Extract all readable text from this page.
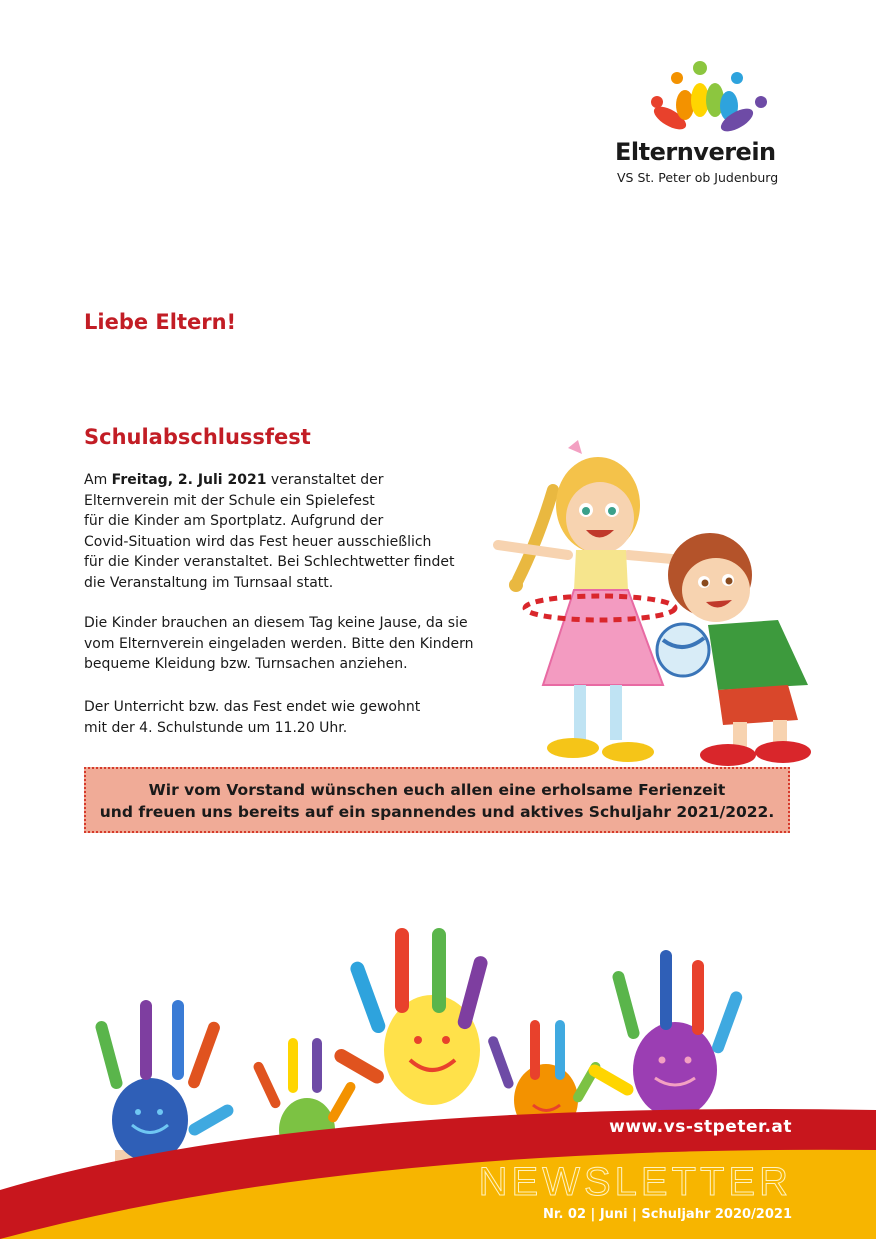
Elternverein
VS St. Peter ob Judenburg
Liebe Eltern!
Schulabschlussfest
Am Freitag, 2. Juli 2021 veranstaltet der
Elternverein mit der Schule ein Spielefest
für die Kinder am Sportplatz. Aufgrund der
Covid-Situation wird das Fest heuer ausschießlich
für die Kinder veranstaltet. Bei Schlechtwetter findet
die Veranstaltung im Turnsaal statt.
Die Kinder brauchen an diesem Tag keine Jause, da sie
vom Elternverein eingeladen werden. Bitte den Kindern
bequeme Kleidung bzw. Turnsachen anziehen.
Der Unterricht bzw. das Fest endet wie gewohnt
mit der 4. Schulstunde um 11.20 Uhr.
Wir vom Vorstand wünschen euch allen eine erholsame Ferienzeit
und freuen uns bereits auf ein spannendes und aktives Schuljahr 2021/2022.
www.vs-stpeter.at
NEWSLETTER
Nr. 02 | Juni | Schuljahr 2020/2021
